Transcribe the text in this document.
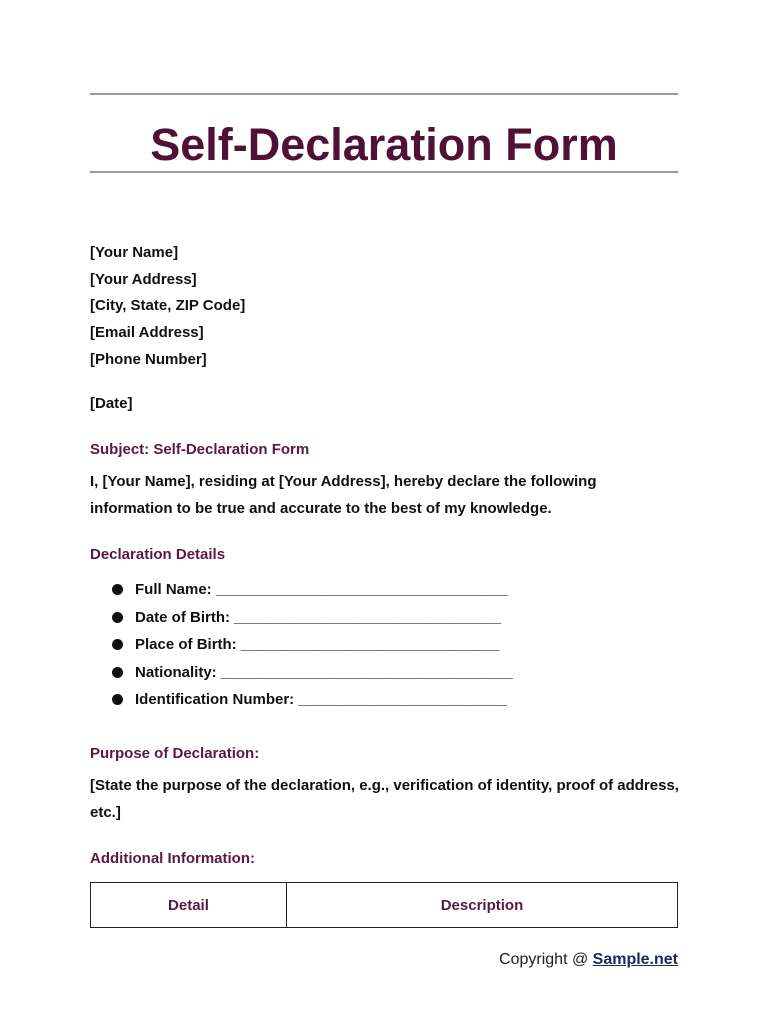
Self-Declaration Form
[Your Name]
[Your Address]
[City, State, ZIP Code]
[Email Address]
[Phone Number]
[Date]
Subject: Self-Declaration Form
I, [Your Name], residing at [Your Address], hereby declare the following information to be true and accurate to the best of my knowledge.
Declaration Details
Full Name: ___________________________________
Date of Birth: ________________________________
Place of Birth: _______________________________
Nationality: ___________________________________
Identification Number: _________________________
Purpose of Declaration:
[State the purpose of the declaration, e.g., verification of identity, proof of address, etc.]
Additional Information:
Detail	Description
Copyright @ Sample.net
